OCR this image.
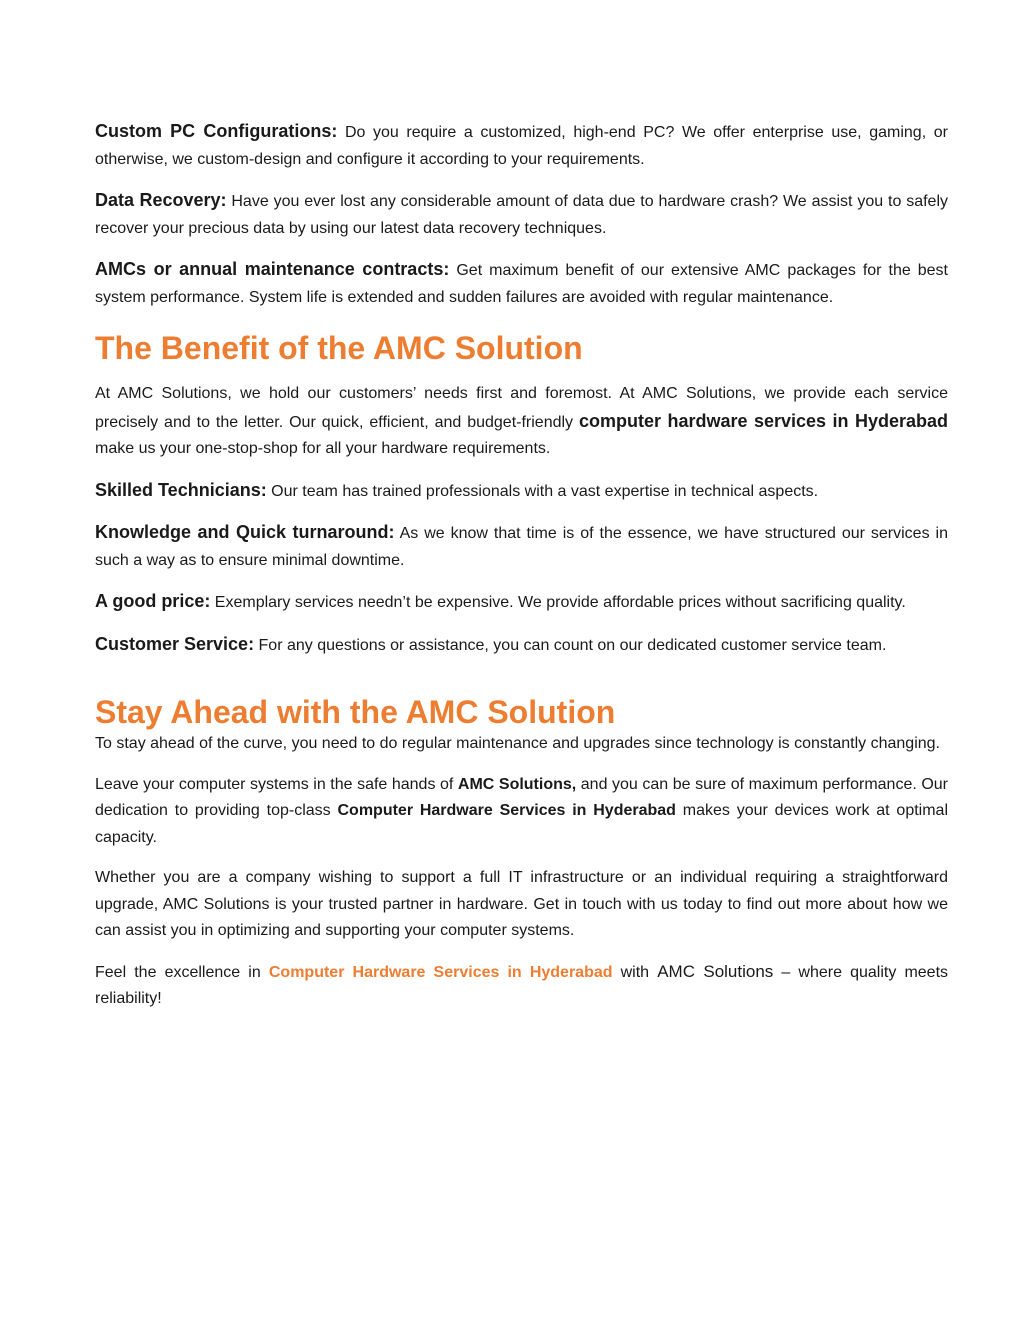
Custom PC Configurations: Do you require a customized, high-end PC? We offer enterprise use, gaming, or otherwise, we custom-design and configure it according to your requirements.

Data Recovery: Have you ever lost any considerable amount of data due to hardware crash? We assist you to safely recover your precious data by using our latest data recovery techniques.

AMCs or annual maintenance contracts: Get maximum benefit of our extensive AMC packages for the best system performance. System life is extended and sudden failures are avoided with regular maintenance.

The Benefit of the AMC Solution

At AMC Solutions, we hold our customers’ needs first and foremost. At AMC Solutions, we provide each service precisely and to the letter. Our quick, efficient, and budget-friendly computer hardware services in Hyderabad make us your one-stop-shop for all your hardware requirements.

Skilled Technicians: Our team has trained professionals with a vast expertise in technical aspects.

Knowledge and Quick turnaround: As we know that time is of the essence, we have structured our services in such a way as to ensure minimal downtime.

A good price: Exemplary services needn’t be expensive. We provide affordable prices without sacrificing quality.

Customer Service: For any questions or assistance, you can count on our dedicated customer service team.

Stay Ahead with the AMC Solution

To stay ahead of the curve, you need to do regular maintenance and upgrades since technology is constantly changing.

Leave your computer systems in the safe hands of AMC Solutions, and you can be sure of maximum performance. Our dedication to providing top-class Computer Hardware Services in Hyderabad makes your devices work at optimal capacity.

Whether you are a company wishing to support a full IT infrastructure or an individual requiring a straightforward upgrade, AMC Solutions is your trusted partner in hardware. Get in touch with us today to find out more about how we can assist you in optimizing and supporting your computer systems.

Feel the excellence in Computer Hardware Services in Hyderabad with AMC Solutions – where quality meets reliability!
